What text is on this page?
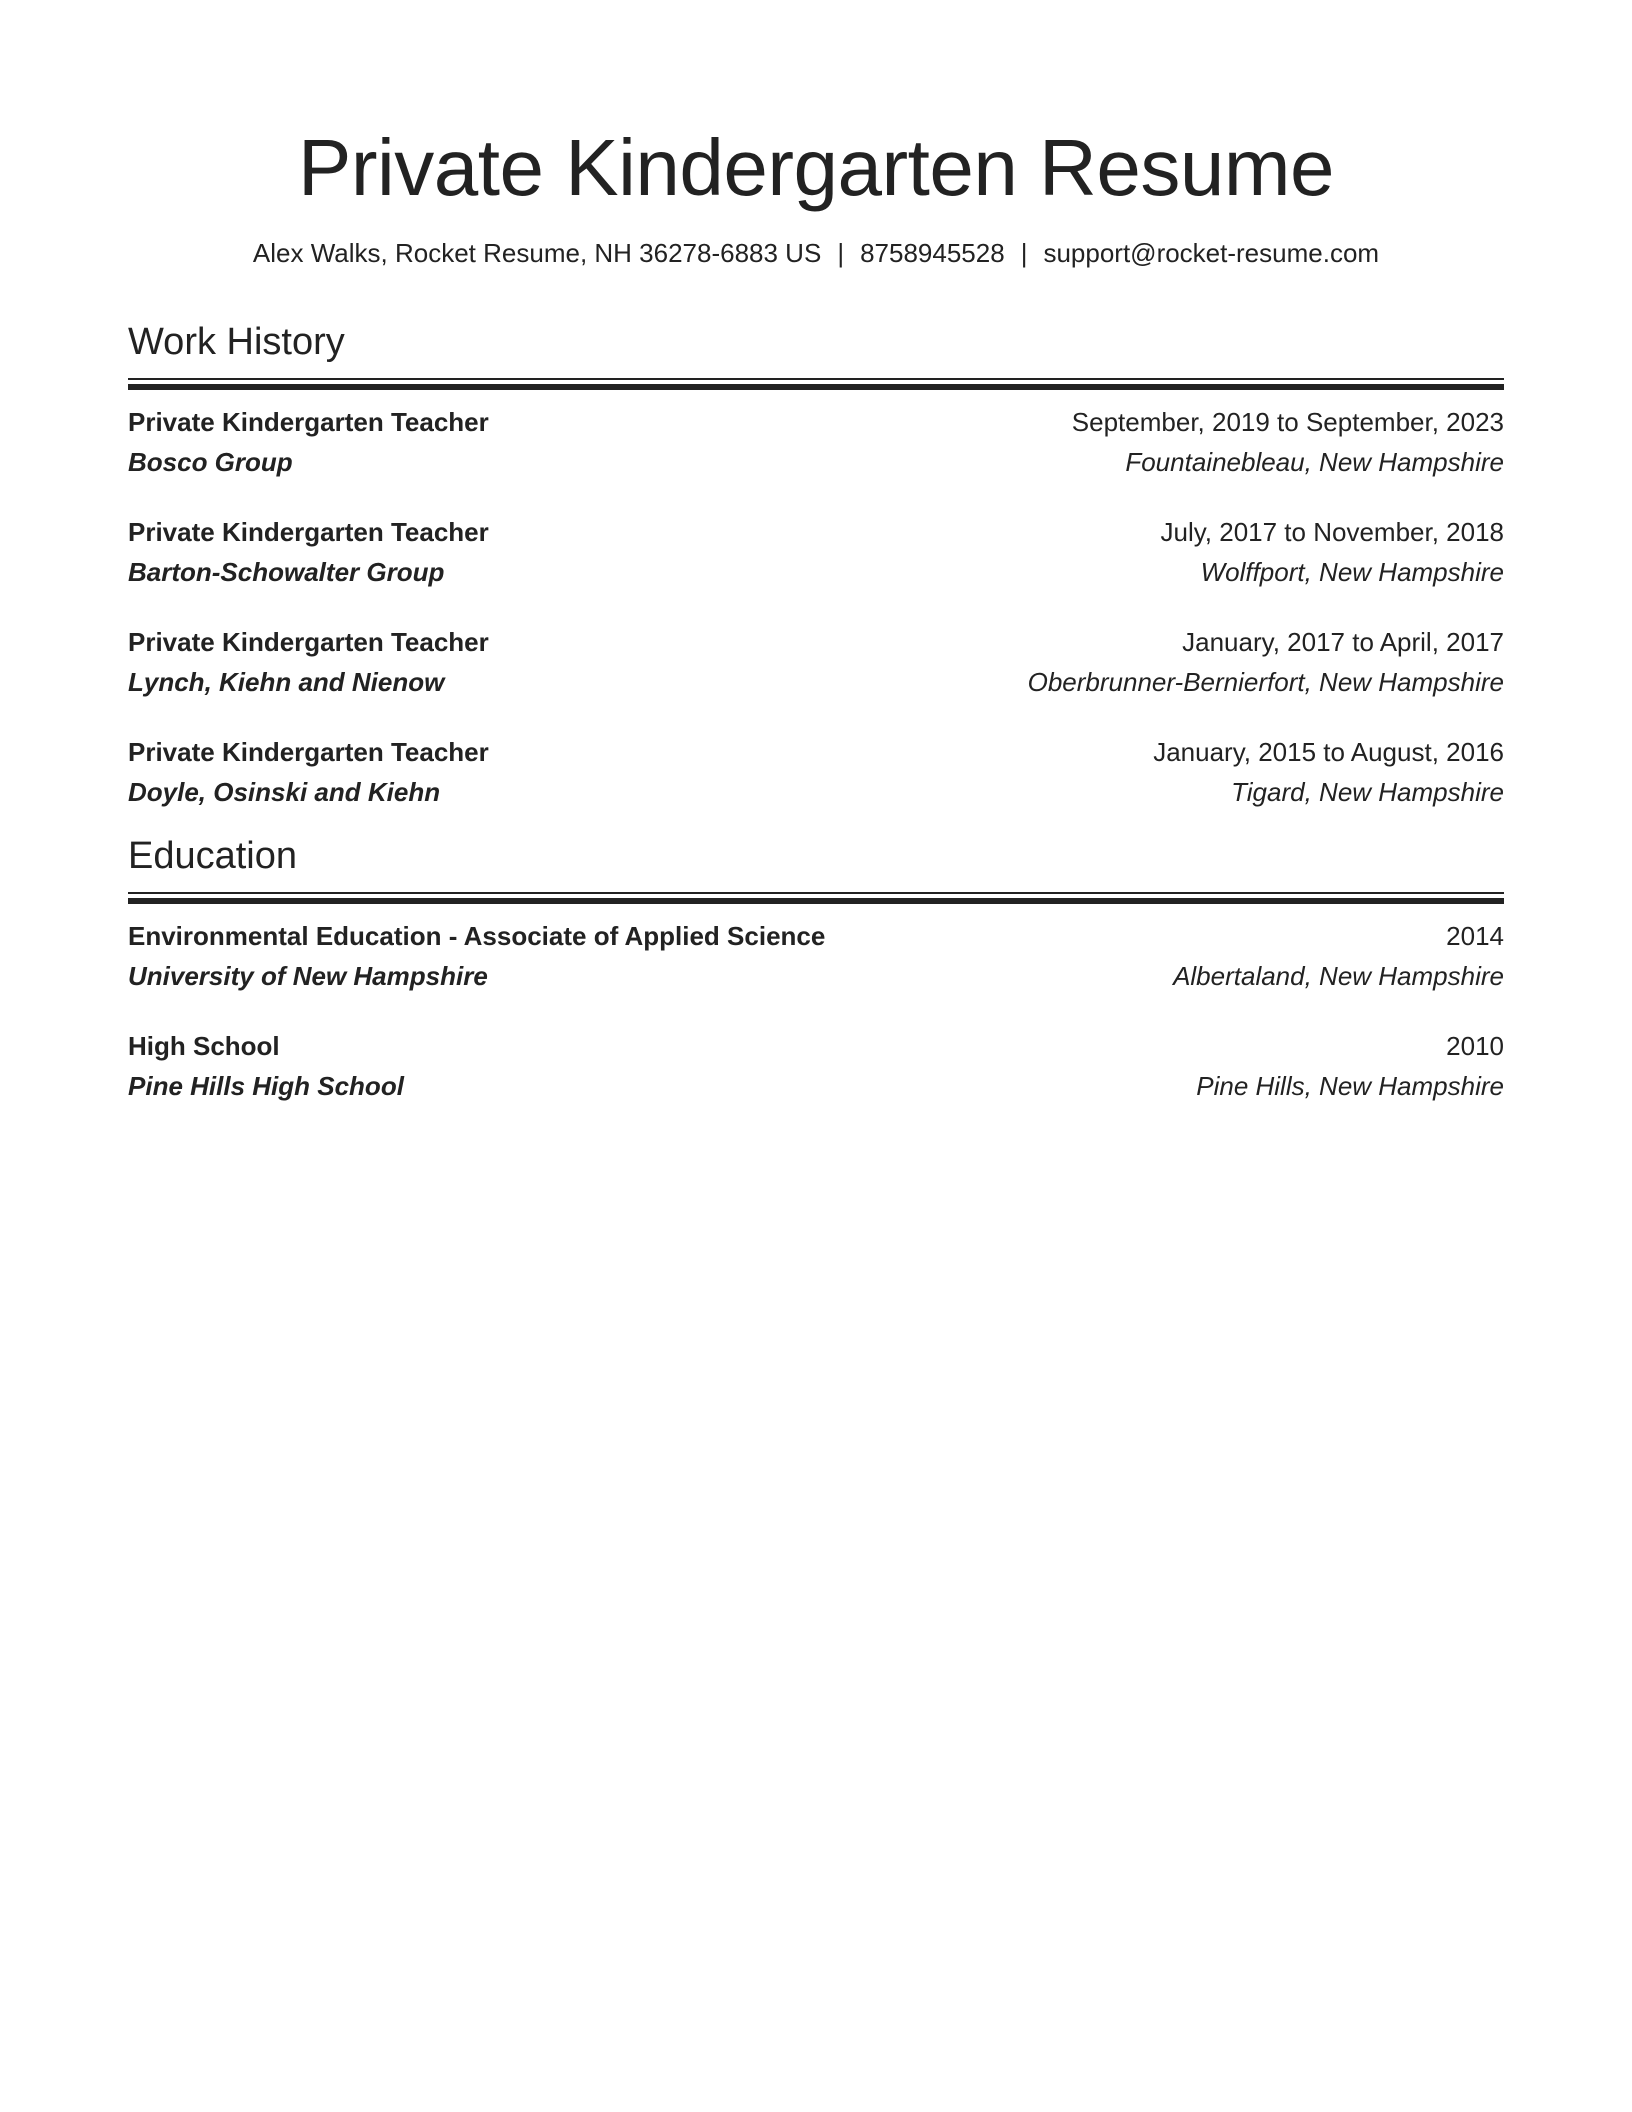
Private Kindergarten Resume
Alex Walks, Rocket Resume, NH 36278-6883 US | 8758945528 | support@rocket-resume.com
Work History
Private Kindergarten Teacher
Bosco Group
September, 2019 to September, 2023
Fountainebleau, New Hampshire
Private Kindergarten Teacher
Barton-Schowalter Group
July, 2017 to November, 2018
Wolffport, New Hampshire
Private Kindergarten Teacher
Lynch, Kiehn and Nienow
January, 2017 to April, 2017
Oberbrunner-Bernierfort, New Hampshire
Private Kindergarten Teacher
Doyle, Osinski and Kiehn
January, 2015 to August, 2016
Tigard, New Hampshire
Education
Environmental Education - Associate of Applied Science
University of New Hampshire
2014
Albertaland, New Hampshire
High School
Pine Hills High School
2010
Pine Hills, New Hampshire
